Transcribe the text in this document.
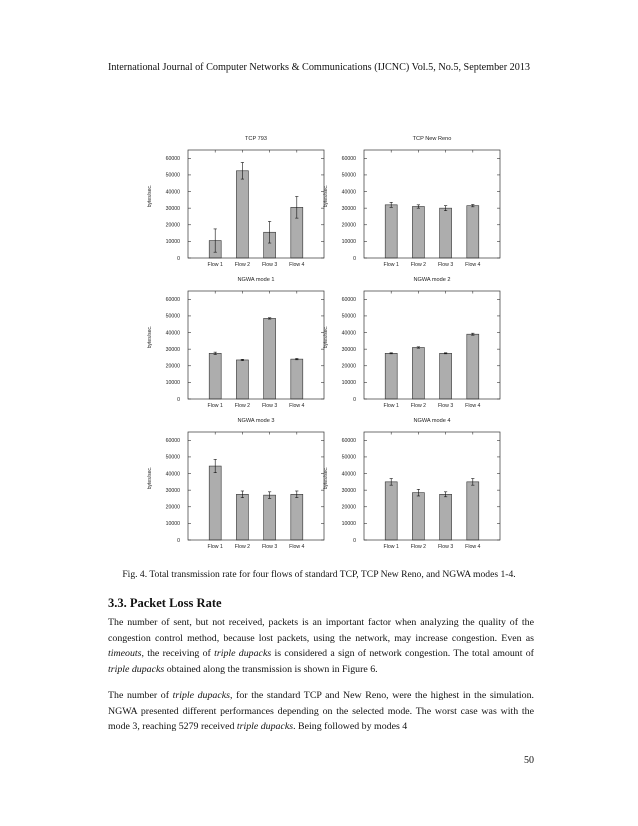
International Journal of Computer Networks & Communications (IJCNC) Vol.5, No.5, September 2013
TCP 793
0
10000
20000
30000
40000
50000
60000
bytes/sec.
Flow 1 Flow 2 Flow 3 Flow 4
TCP New Reno
0
10000
20000
30000
40000
50000
60000
bytes/sec.
Flow 1 Flow 2 Flow 3 Flow 4
NGWA mode 1
0
10000
20000
30000
40000
50000
60000
bytes/sec.
Flow 1 Flow 2 Flow 3 Flow 4
NGWA mode 2
0
10000
20000
30000
40000
50000
60000
bytes/sec.
Flow 1 Flow 2 Flow 3 Flow 4
NGWA mode 3
0
10000
20000
30000
40000
50000
60000
bytes/sec.
Flow 1 Flow 2 Flow 3 Flow 4
NGWA mode 4
0
10000
20000
30000
40000
50000
60000
bytes/sec.
Flow 1 Flow 2 Flow 3 Flow 4
Fig. 4. Total transmission rate for four flows of standard TCP, TCP New Reno, and NGWA modes 1-4.
3.3. Packet Loss Rate

The number of sent, but not received, packets is an important factor when analyzing the quality of the congestion control method, because lost packets, using the network, may increase congestion. Even as timeouts, the receiving of triple dupacks is considered a sign of network congestion. The total amount of triple dupacks obtained along the transmission is shown in Figure 6.

The number of triple dupacks, for the standard TCP and New Reno, were the highest in the simulation. NGWA presented different performances depending on the selected mode. The worst case was with the mode 3, reaching 5279 received triple dupacks. Being followed by modes 4

50
